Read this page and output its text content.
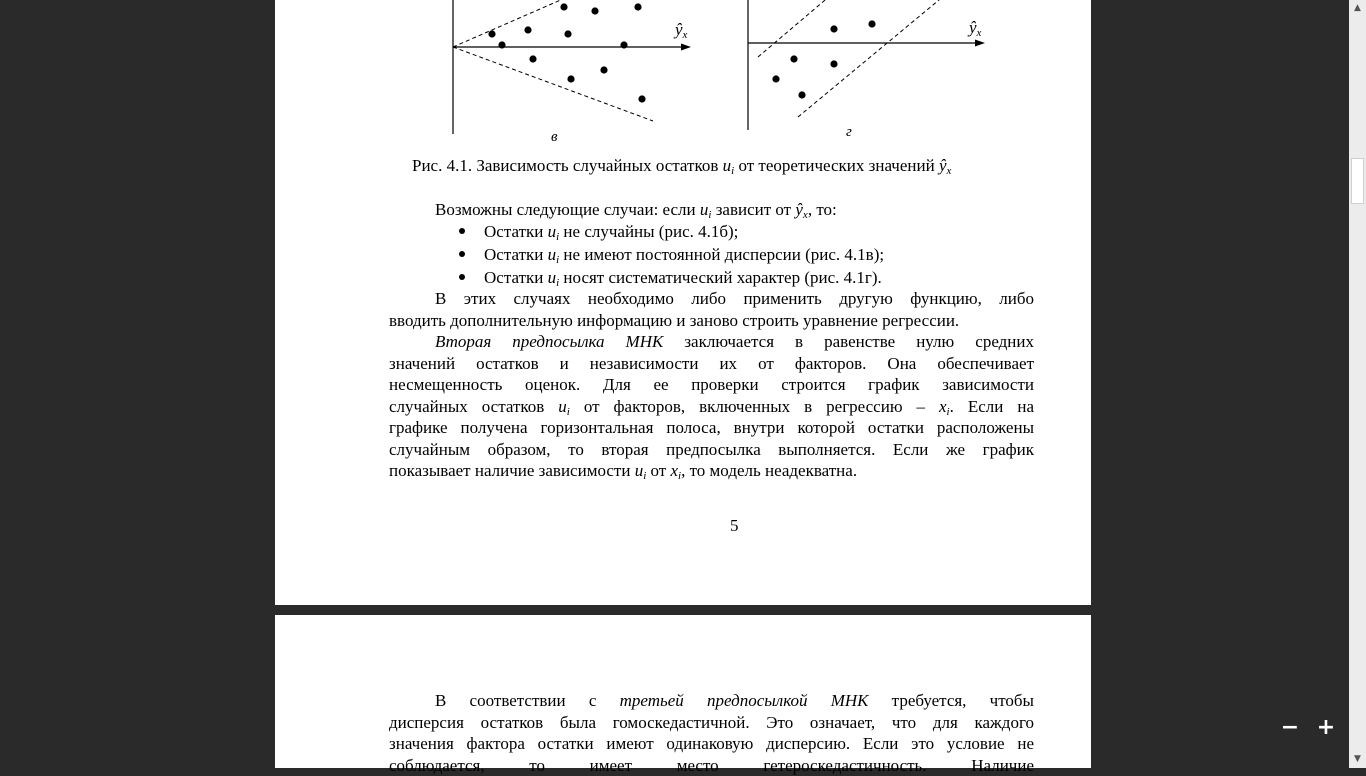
$ŷ_x$	$ŷ_x$
в	г
Рис. 4.1. Зависимость случайных остатков $u_i$ от теоретических значений $ŷ_x$
Возможны следующие случаи: если $u_i$ зависит от $ŷ_x$, то:
Остатки $u_i$ не случайны (рис. 4.1б);
Остатки $u_i$ не имеют постоянной дисперсии (рис. 4.1в);
Остатки $u_i$ носят систематический характер (рис. 4.1г).
В этих случаях необходимо либо применить другую функцию, либо
вводить дополнительную информацию и заново строить уравнение регрессии.
Вторая предпосылка МНК заключается в равенстве нулю средних
значений остатков и независимости их от факторов. Она обеспечивает
несмещенность оценок. Для ее проверки строится график зависимости
случайных остатков $u_i$ от факторов, включенных в регрессию – $x_i$. Если на
графике получена горизонтальная полоса, внутри которой остатки расположены
случайным образом, то вторая предпосылка выполняется. Если же график
показывает наличие зависимости $u_i$ от $x_i$, то модель неадекватна.
5
В соответствии с третьей предпосылкой МНК требуется, чтобы
дисперсия остатков была гомоскедастичной. Это означает, что для каждого
значения фактора остатки имеют одинаковую дисперсию. Если это условие не
соблюдается, то имеет место гетероскедастичность. Наличие
− +
▲
▼
